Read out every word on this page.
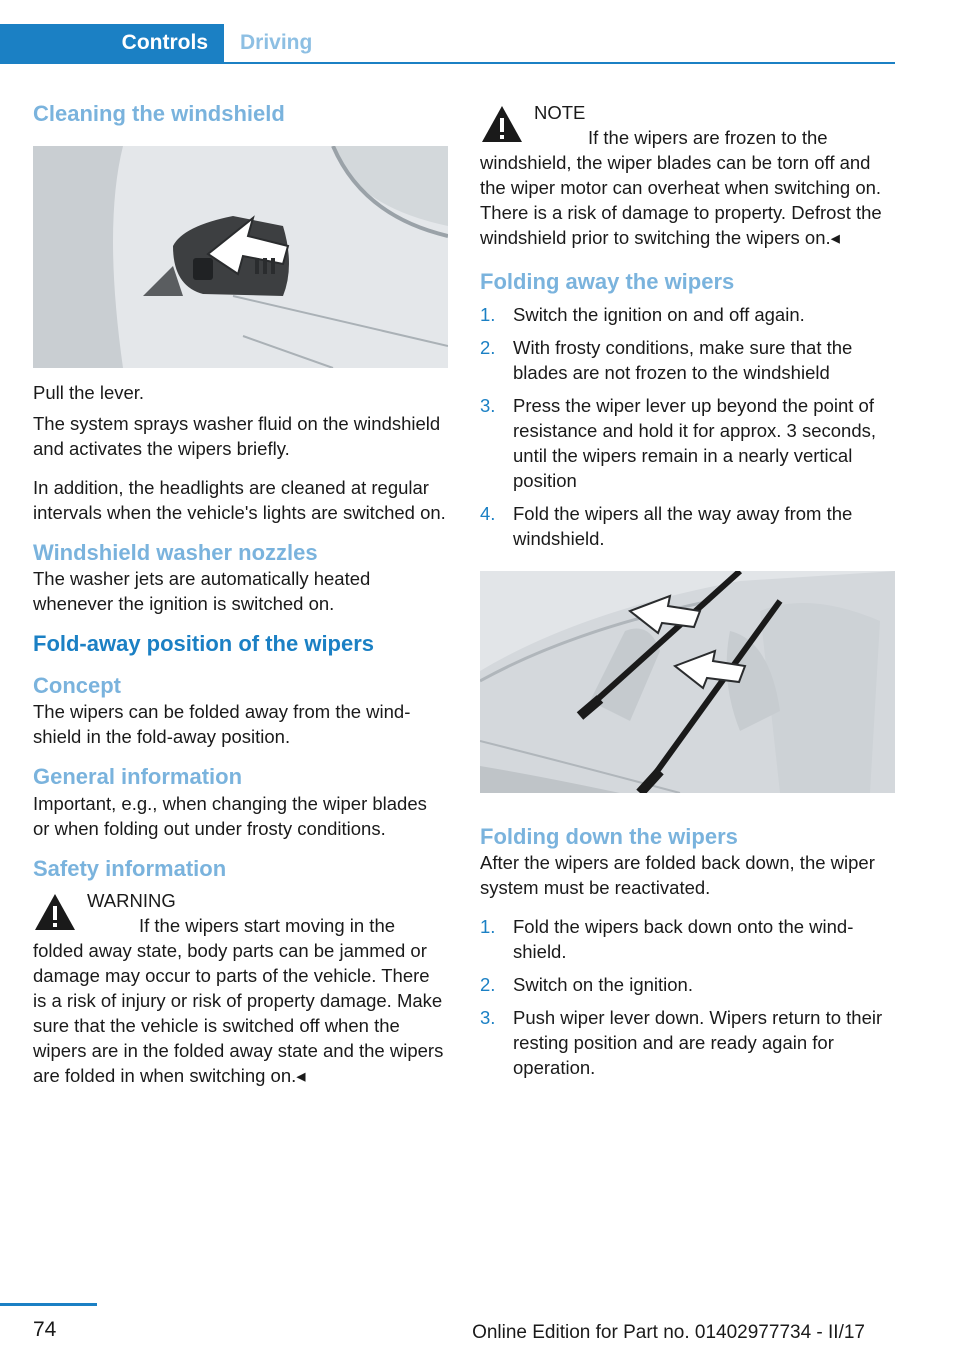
Controls	Driving
Cleaning the windshield

Pull the lever.

The system sprays washer fluid on the windshield and activates the wipers briefly.

In addition, the headlights are cleaned at regular intervals when the vehicle's lights are switched on.

Windshield washer nozzles

The washer jets are automatically heated whenever the ignition is switched on.

Fold-away position of the wipers
Concept

The wipers can be folded away from the windshield in the fold-away position.

General information

Important, e.g., when changing the wiper blades or when folding out under frosty conditions.

Safety information
WARNING

If the wipers start moving in the folded away state, body parts can be jammed or damage may occur to parts of the vehicle. There is a risk of injury or risk of property damage. Make sure that the vehicle is switched off when the wipers are in the folded away state and the wipers are folded in when switching on.◂

NOTE

If the wipers are frozen to the windshield, the wiper blades can be torn off and the wiper motor can overheat when switching on. There is a risk of damage to property. Defrost the windshield prior to switching the wipers on.◂

Folding away the wipers
1. Switch the ignition on and off again.
2. With frosty conditions, make sure that the blades are not frozen to the windshield
3. Press the wiper lever up beyond the point of resistance and hold it for approx. 3 seconds, until the wipers remain in a nearly vertical position
4. Fold the wipers all the way away from the windshield.
Folding down the wipers

After the wipers are folded back down, the wiper system must be reactivated.

1. Fold the wipers back down onto the windshield.
2. Switch on the ignition.
3. Push wiper lever down. Wipers return to their resting position and are ready again for operation.
74	Online Edition for Part no. 01402977734 - II/17
